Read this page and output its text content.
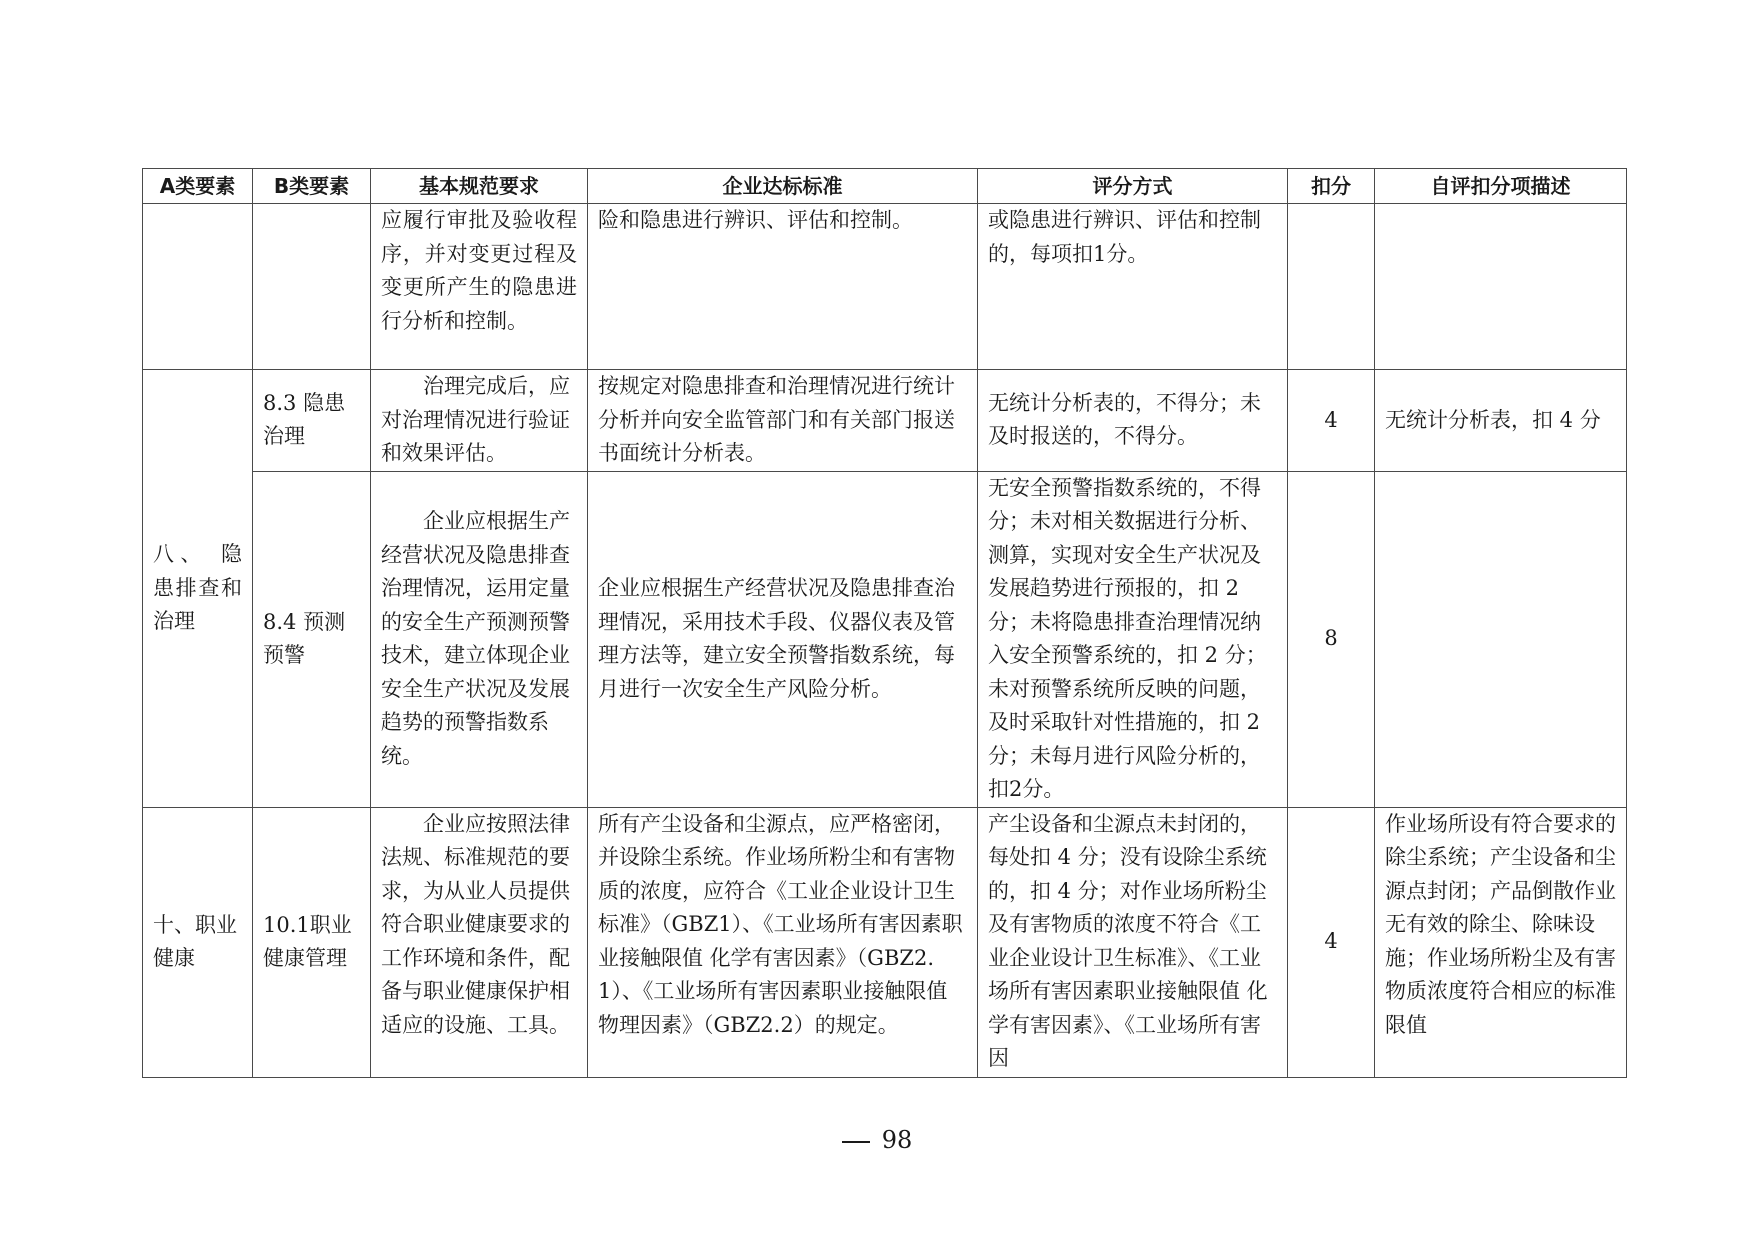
A类要素	B类要素	基本规范要求	企业达标标准	评分方式	扣分	自评扣分项描述
		应履行审批及验收程序，并对变更过程及变更所产生的隐患进行分析和控制。	险和隐患进行辨识、评估和控制。	或隐患进行辨识、评估和控制的，每项扣1分。		
八、 隐患排查和治理	8.3 隐患治理	治理完成后，应对治理情况进行验证和效果评估。	按规定对隐患排查和治理情况进行统计分析并向安全监管部门和有关部门报送书面统计分析表。	无统计分析表的，不得分；未及时报送的，不得分。	4	无统计分析表，扣 4 分
	8.4 预测预警	企业应根据生产经营状况及隐患排查治理情况，运用定量的安全生产预测预警技术，建立体现企业安全生产状况及发展趋势的预警指数系统。	企业应根据生产经营状况及隐患排查治理情况，采用技术手段、仪器仪表及管理方法等，建立安全预警指数系统，每月进行一次安全生产风险分析。	无安全预警指数系统的，不得分；未对相关数据进行分析、测算，实现对安全生产状况及发展趋势进行预报的，扣 2 分；未将隐患排查治理情况纳入安全预警系统的，扣 2 分；未对预警系统所反映的问题，及时采取针对性措施的，扣 2 分；未每月进行风险分析的，扣2分。	8	
十、职业健康	10.1职业健康管理	企业应按照法律法规、标准规范的要求，为从业人员提供符合职业健康要求的工作环境和条件，配备与职业健康保护相适应的设施、工具。	所有产尘设备和尘源点，应严格密闭，并设除尘系统。作业场所粉尘和有害物质的浓度，应符合《工业企业设计卫生标准》（GBZ1）、《工业场所有害因素职业接触限值 化学有害因素》（GBZ2.1）、《工业场所有害因素职业接触限值 物理因素》（GBZ2.2）的规定。	产尘设备和尘源点未封闭的，每处扣 4 分；没有设除尘系统的，扣 4 分；对作业场所粉尘及有害物质的浓度不符合《工业企业设计卫生标准》、《工业场所有害因素职业接触限值 化学有害因素》、《工业场所有害因	4	作业场所设有符合要求的除尘系统；产尘设备和尘源点封闭；产品倒散作业无有效的除尘、除味设施；作业场所粉尘及有害物质浓度符合相应的标准限值
98
